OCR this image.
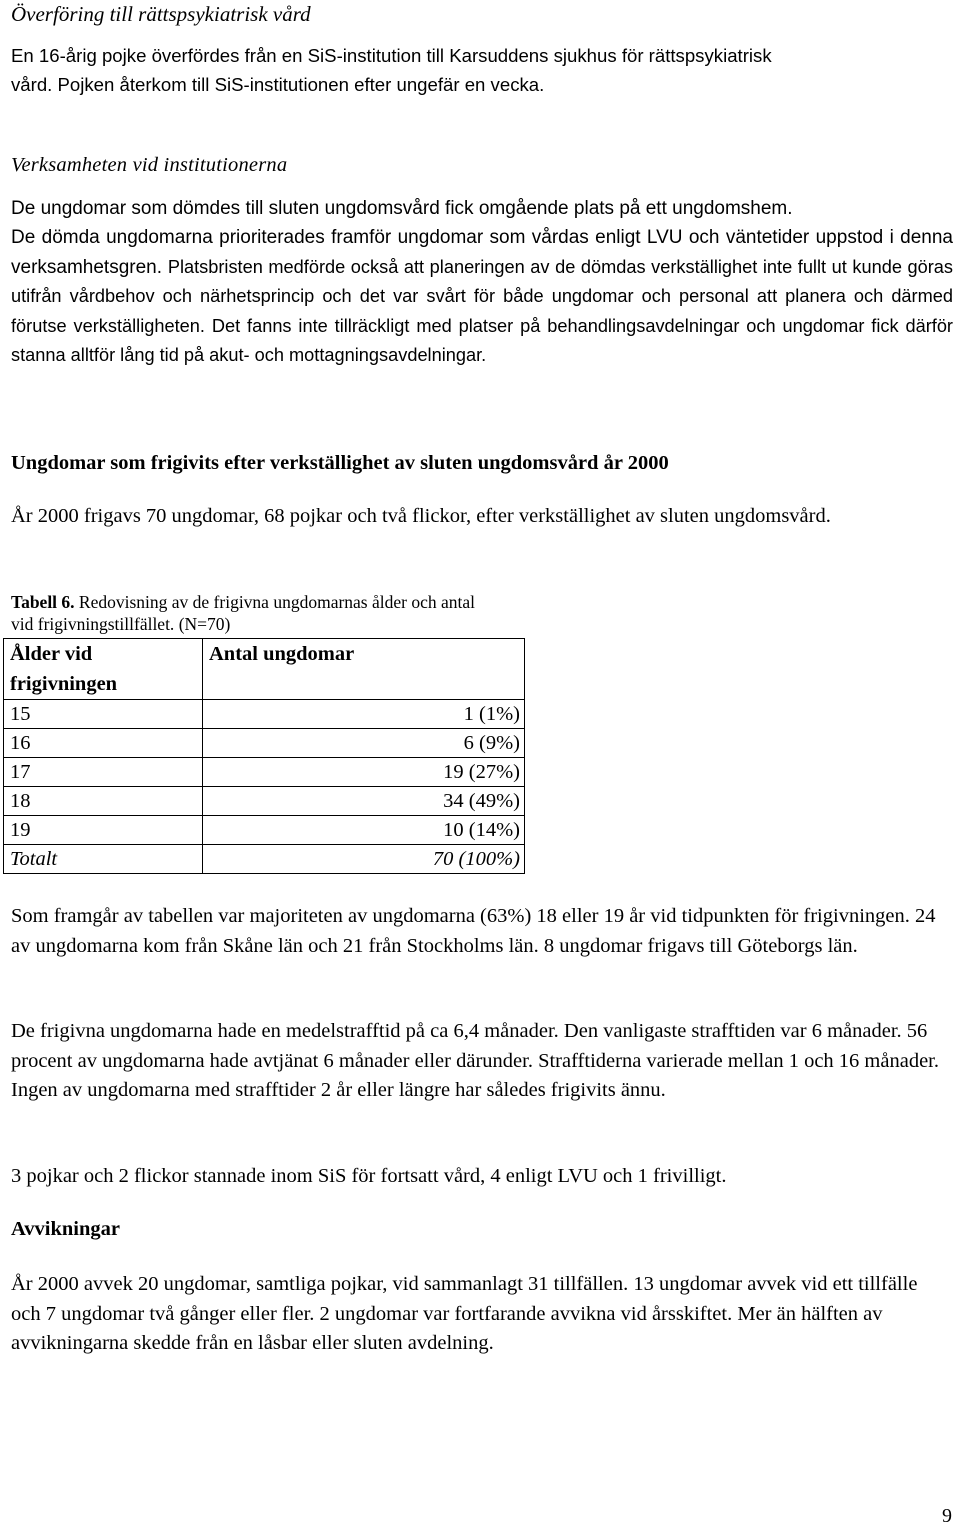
Överföring till rättspsykiatrisk vård
En 16-årig pojke överfördes från en SiS-institution till Karsuddens sjukhus för rättspsykiatrisk
vård. Pojken återkom till SiS-institutionen efter ungefär en vecka.
Verksamheten vid institutionerna
De ungdomar som dömdes till sluten ungdomsvård fick omgående plats på ett ungdomshem.
De dömda ungdomarna prioriterades framför ungdomar som vårdas enligt LVU och väntetider uppstod i denna verksamhetsgren. Platsbristen medförde också att planeringen av de dömdas verkställighet inte fullt ut kunde göras utifrån vårdbehov och närhetsprincip och det var svårt för både ungdomar och personal att planera och därmed förutse verkställigheten. Det fanns inte tillräckligt med platser på behandlingsavdelningar och ungdomar fick därför stanna alltför lång tid på akut- och mottagningsavdelningar.
Ungdomar som frigivits efter verkställighet av sluten ungdomsvård år 2000
År 2000 frigavs 70 ungdomar, 68 pojkar och två flickor, efter verkställighet av sluten ungdomsvård.
Tabell 6. Redovisning av de frigivna ungdomarnas ålder och antal vid frigivningstillfället. (N=70)
Ålder vid frigivningen	Antal ungdomar
15	1 (1%)
16	6 (9%)
17	19 (27%)
18	34 (49%)
19	10 (14%)
Totalt	70 (100%)
Som framgår av tabellen var majoriteten av ungdomarna (63%) 18 eller 19 år vid tidpunkten för frigivningen. 24 av ungdomarna kom från Skåne län och 21 från Stockholms län. 8 ungdomar frigavs till Göteborgs län.
De frigivna ungdomarna hade en medelstrafftid på ca 6,4 månader. Den vanligaste strafftiden var 6 månader. 56 procent av ungdomarna hade avtjänat 6 månader eller därunder. Strafftiderna varierade mellan 1 och 16 månader. Ingen av ungdomarna med strafftider 2 år eller längre har således frigivits ännu.
3 pojkar och 2 flickor stannade inom SiS för fortsatt vård, 4 enligt LVU och 1 frivilligt.
Avvikningar
År 2000 avvek 20 ungdomar, samtliga pojkar, vid sammanlagt 31 tillfällen. 13 ungdomar avvek vid ett tillfälle och 7 ungdomar två gånger eller fler. 2 ungdomar var fortfarande avvikna vid årsskiftet. Mer än hälften av avvikningarna skedde från en låsbar eller sluten avdelning.
9
